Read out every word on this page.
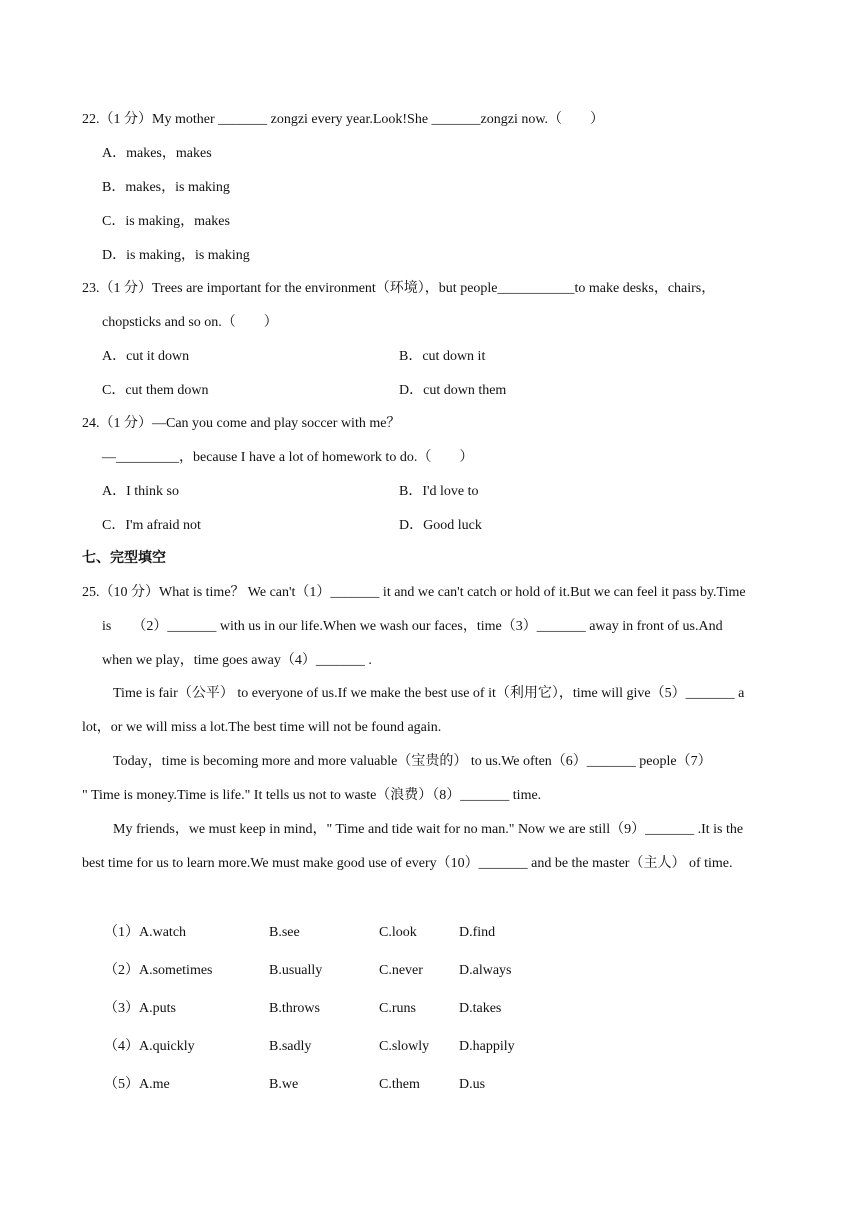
22.（1 分）My mother _______ zongzi every year.Look!She _______zongzi now.（　　）
A．makes，makes
B．makes，is making
C．is making，makes
D．is making，is making
23.（1 分）Trees are important for the environment（环境），but people___________to make desks，chairs，
chopsticks and so on.（　　）
A．cut it down	B．cut down it
C．cut them down	D．cut down them
24.（1 分）—Can you come and play soccer with me？
—_________，because I have a lot of homework to do.（　　）
A．I think so	B．I'd love to
C．I'm afraid not	D．Good luck
七、完型填空
25.（10 分）What is time？ We can't（1）_______ it and we can't catch or hold of it.But we can feel it pass by.Time
is　　（2）_______ with us in our life.When we wash our faces，time（3）_______ away in front of us.And
when we play，time goes away（4）_______ .
Time is fair（公平） to everyone of us.If we make the best use of it（利用它），time will give（5）_______ a
lot，or we will miss a lot.The best time will not be found again.
Today，time is becoming more and more valuable（宝贵的） to us.We often（6）_______ people（7）
" Time is money.Time is life." It tells us not to waste（浪费）（8）_______ time.
My friends，we must keep in mind，" Time and tide wait for no man." Now we are still（9）_______ .It is the
best time for us to learn more.We must make good use of every（10）_______ and be the master（主人） of time.
（1）A.watch	B.see	C.look	D.find
（2）A.sometimes	B.usually	C.never	D.always
（3）A.puts	B.throws	C.runs	D.takes
（4）A.quickly	B.sadly	C.slowly D.happily
（5）A.me	B.we	C.them	D.us
